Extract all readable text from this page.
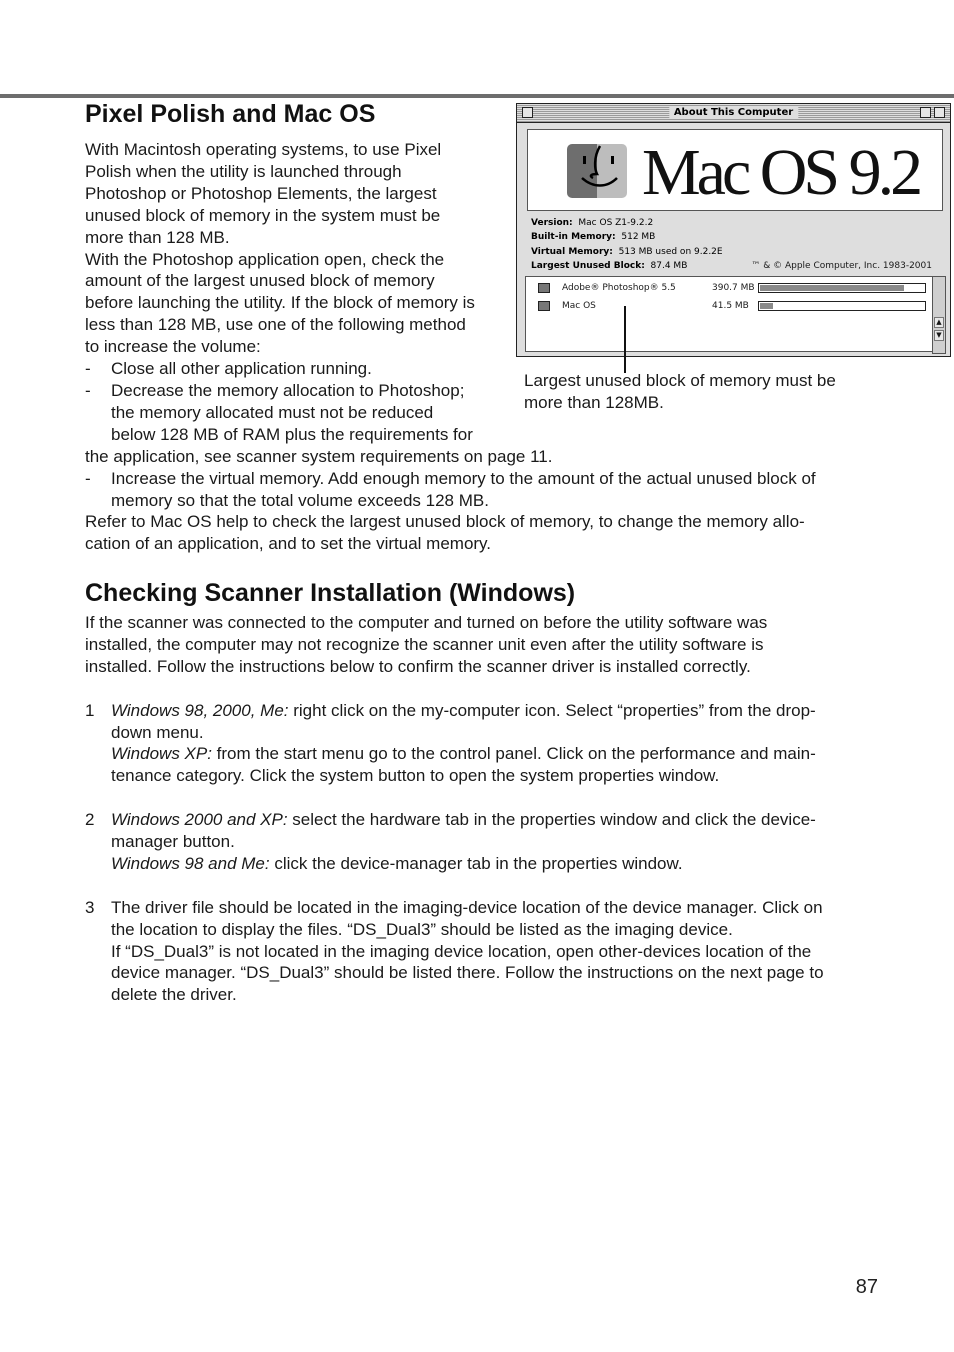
Pixel Polish and Mac OS
With Macintosh operating systems, to use Pixel
Polish when the utility is launched through
Photoshop or Photoshop Elements, the largest
unused block of memory in the system must be
more than 128 MB.
With the Photoshop application open, check the
amount of the largest unused block of memory
before launching the utility. If the block of memory is
less than 128 MB, use one of the following method
to increase the volume:
- Close all other application running.
- Decrease the memory allocation to Photoshop;
the memory allocated must not be reduced
below 128 MB of RAM plus the requirements for
the application, see scanner system requirements on page 11.
- Increase the virtual memory. Add enough memory to the amount of the actual unused block of
memory so that the total volume exceeds 128 MB.
Refer to Mac OS help to check the largest unused block of memory, to change the memory allo-
cation of an application, and to set the virtual memory.
About This Computer
Mac OS 9.2
Version: Mac OS Z1-9.2.2
Built-in Memory: 512 MB
Virtual Memory: 513 MB used on 9.2.2E
Largest Unused Block: 87.4 MB	™ & © Apple Computer, Inc. 1983-2001
Adobe® Photoshop® 5.5	390.7 MB
Mac OS	41.5 MB
▲
▼
Largest unused block of memory must be
more than 128MB.
Checking Scanner Installation (Windows)
If the scanner was connected to the computer and turned on before the utility software was
installed, the computer may not recognize the scanner unit even after the utility software is
installed. Follow the instructions below to confirm the scanner driver is installed correctly.

1 Windows 98, 2000, Me: right click on the my-computer icon. Select “properties” from the drop-
down menu.
Windows XP: from the start menu go to the control panel. Click on the performance and main-
tenance category. Click the system button to open the system properties window.
2 Windows 2000 and XP: select the hardware tab in the properties window and click the device-
manager button.
Windows 98 and Me: click the device-manager tab in the properties window.
3 The driver file should be located in the imaging-device location of the device manager. Click on
the location to display the files. “DS_Dual3” should be listed as the imaging device.
If “DS_Dual3” is not located in the imaging device location, open other-devices location of the
device manager. “DS_Dual3” should be listed there. Follow the instructions on the next page to
delete the driver.
87
